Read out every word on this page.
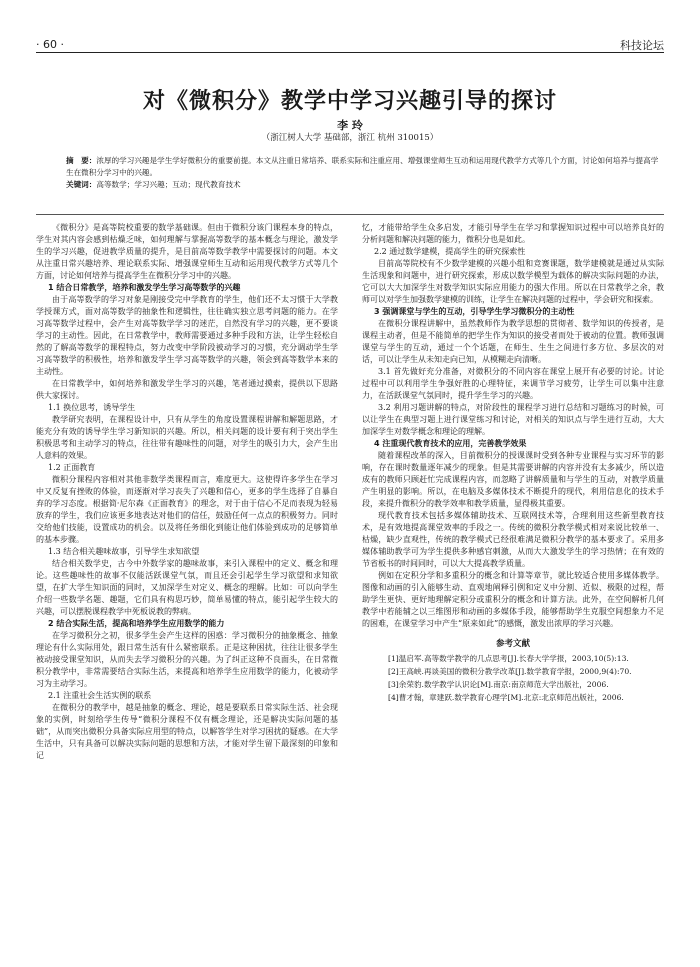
· 60 ·	科技论坛
对《微积分》教学中学习兴趣引导的探讨
李 玲
（浙江树人大学 基础部，浙江 杭州 310015）
摘　要：浓厚的学习兴趣是学生学好微积分的重要前提。本文从注重日常培养、联系实际和注重应用、增强课堂师生互动和运用现代教学方式等几个方面，讨论如何培养与提高学生在微积分学习中的兴趣。
关键词：高等数学；学习兴趣；互动；现代教育技术

《微积分》是高等院校重要的数学基础课。但由于微积分该门课程本身的特点，学生对其内容会感到枯燥乏味，如何理解与掌握高等数学的基本概念与理论，激发学生的学习兴趣，促进教学质量的提升，是目前高等数学教学中需要探讨的问题。本文从注重日常兴趣培养、理论联系实际、增强课堂师生互动和运用现代教学方式等几个方面，讨论如何培养与提高学生在微积分学习中的兴趣。

1 结合日常教学，培养和激发学生学习高等数学的兴趣

由于高等数学的学习对象是刚接受完中学教育的学生，他们还不太习惯于大学教学授课方式，面对高等数学的抽象性和逻辑性，往往确实独立思考问题的能力。在学习高等数学过程中，会产生对高等数学学习的迷茫，自然没有学习的兴趣，更不要谈学习的主动性。因此，在日常教学中，教师需要通过多种手段和方法，让学生轻松自然的了解高等数学的课程特点，努力改变中学阶段被动学习的习惯，充分调动学生学习高等数学的积极性，培养和激发学生学习高等数学的兴趣，领会到高等数学本来的主动性。

在日常教学中，如何培养和激发学生学习的兴趣，笔者通过摸索，提供以下思路供大家探讨。

1.1 换位思考，诱导学生

教学研究表明，在课程设计中，只有从学生的角度设置课程讲解和解题思路，才能充分有效的诱导学生学习新知识的兴趣。所以，相关问题的设计要有利于突出学生积极思考和主动学习的特点，往往带有趣味性的问题，对学生的吸引力大，会产生出人意料的效果。

1.2 正面教育

微积分课程内容相对其他非数学类课程而言，难度更大。这使得许多学生在学习中又反复有挫败的体验，而逐渐对学习丧失了兴趣和信心，更多的学生选择了自暴自弃的学习态度。根据简·尼尔森《正面教育》的理念，对于由于信心不足而表现为轻易放弃的学生，我们应该更多地表达对他们的信任，鼓励任何一点点的积极努力。同时交给他们技能，设置成功的机会。以及将任务细化到能让他们体验到成功的足够简单的基本步骤。

1.3 结合相关趣味故事，引导学生求知欲望

结合相关数学史，古今中外数学家的趣味故事，来引入课程中的定义、概念和理论。这些趣味性的故事不仅能活跃课堂气氛，而且还会引起学生学习欲望和求知欲望，在扩大学生知识面的同时，又加深学生对定义、概念的理解。比如：可以向学生介绍一些数学名题、趣题，它们具有构思巧妙，简单易懂的特点，能引起学生较大的兴趣，可以摆脱课程教学中死板说教的弊病。

2 结合实际生活，提高和培养学生应用数学的能力

在学习微积分之初，很多学生会产生这样的困惑：学习微积分的抽象概念、抽象理论有什么实际用处，跟日常生活有什么紧密联系。正是这种困扰，往往让很多学生被动接受课堂知识，从而失去学习微积分的兴趣。为了纠正这种不良面头，在日常微积分教学中，非常需要结合实际生活，来提高和培养学生应用数学的能力，化被动学习为主动学习。

2.1 注重社会生活实例的联系

在微积分的教学中，越是抽象的概念、理论，越是要联系日常实际生活、社会现象的实例，时刻给学生传导“微积分课程不仅有概念理论，还是解决实际问题的基础”，从而突出微积分具备实际应用型的特点，以解答学生对学习困扰的疑惑。在大学生活中，只有具备可以解决实际问题的思想和方法，才能对学生留下最深刻的印象和记

忆，才能带给学生众多启发，才能引导学生在学习和掌握知识过程中可以培养良好的分析问题和解决问题的能力，微积分也是如此。

2.2 通过数学建模，提高学生的研究探索性

目前高等院校有不少数学建模的兴趣小组和竞赛课题，数学建模就是通过从实际生活现象和问题中，进行研究探索，形成以数学模型为载体的解决实际问题的办法，它可以大大加深学生对数学知识实际应用能力的强大作用。所以在日常教学之余，教师可以对学生加强数学建模的训练，让学生在解决问题的过程中，学会研究和探索。

3 强调课堂与学生的互动，引导学生学习微积分的主动性

在微积分课程讲解中，虽然教师作为教学思想的贯彻者、数学知识的传授者，是课程主动者，但是不能简单的把学生作为知识的接受者而处于被动的位置。教师强调课堂与学生的互动，通过一个个话题，在师生、生生之间进行多方位、多层次的对话，可以让学生从未知走向已知，从模糊走向清晰。

3.1 首先做好充分准备，对微积分的不同内容在课堂上展开有必要的讨论。讨论过程中可以利用学生争强好胜的心理特征，来调节学习疲劳，让学生可以集中注意力，在活跃课堂气氛同时，提升学生学习的兴趣。

3.2 利用习题讲解的特点，对阶段性的课程学习进行总结和习题练习的时候，可以让学生在典型习题上进行课堂练习和讨论，对相关的知识点与学生进行互动，大大加深学生对数学概念和理论的理解。

4 注重现代教育技术的应用，完善教学效果

随着课程改革的深入，目前微积分的授课课时受到各种专业课程与实习环节的影响，存在课时数量逐年减少的现象。但是其需要讲解的内容并没有太多减少，所以造成有的教师只顾赶忙完成课程内容，而忽略了讲解质量和与学生的互动，对教学质量产生明显的影响。所以，在电脑及多媒体技术不断提升的现代，利用信息化的技术手段，来提升微积分的教学效率和教学质量，显得极其重要。

现代教育技术包括多媒体辅助技术、互联网技术等，合理利用这些新型教育技术，是有效地提高课堂效率的手段之一。传统的微积分教学模式相对来说比较单一、枯燥，缺少直观性，传统的教学模式已经很难满足微积分教学的基本要求了。采用多媒体辅助教学可为学生提供多种感官刺激，从而大大激发学生的学习热情；在有效的节省板书的时间同时，可以大大提高教学质量。

例如在定积分学和多重积分的概念和计算等章节，就比较适合使用多媒体教学。图像和动画的引入能够生动、直观地阐释引例和定义中分割、近似、极限的过程，帮助学生更快、更好地理解定积分或重积分的概念和计算方法。此外，在空间解析几何教学中若能辅之以三维图形和动画的多媒体手段，能够帮助学生克服空间想象力不足的困难，在课堂学习中产生“原来如此”的感慨，激发出浓厚的学习兴趣。

参考文献

[1]温启军.高等数学教学的几点思考[J].长春大学学报，2003,10(5):13.

[2]王高峡.再谈美国的微积分教学改革[J].数学教育学报，2000,9(4):70.

[3]余荣豹.数学教学认识论[M].南京:南京师范大学出版社，2006.

[4]曹才翰，章建跃.数学教育心理学[M].北京:北京师范出版社，2006.
